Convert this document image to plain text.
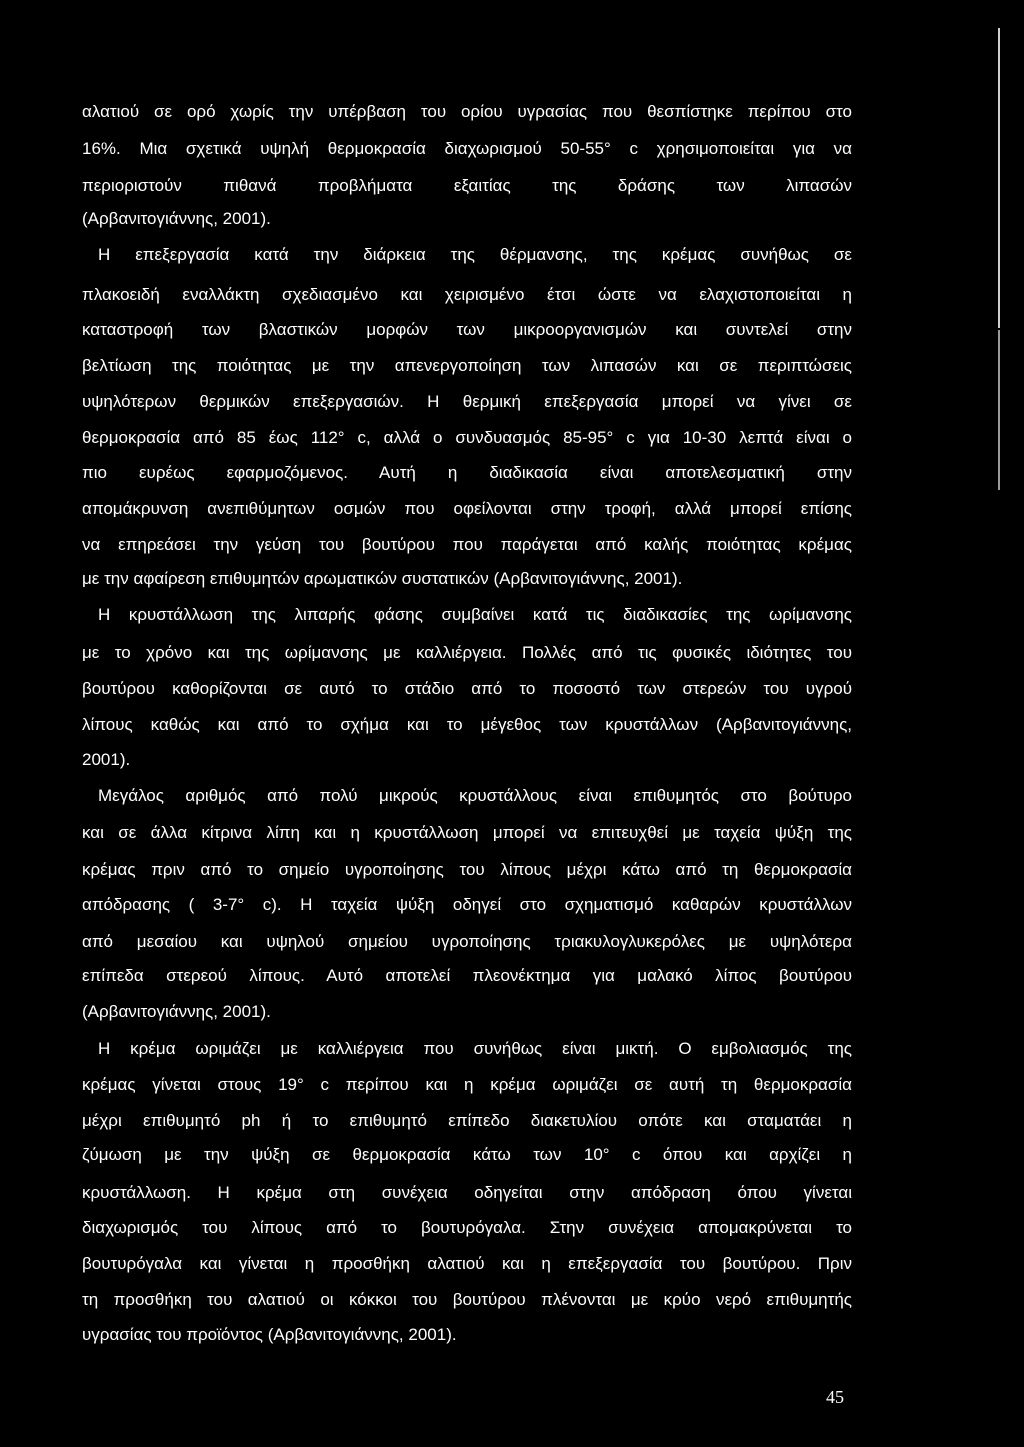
αλατιού σε ορό χωρίς την υπέρβαση του ορίου υγρασίας που θεσπίστηκε περίπου στο
16%. Μια σχετικά υψηλή θερμοκρασία διαχωρισμού 50-55° c χρησιμοποιείται για να
περιοριστούν πιθανά προβλήματα εξαιτίας της δράσης των λιπασών
(Αρβανιτογιάννης, 2001).
Η επεξεργασία κατά την διάρκεια της θέρμανσης, της κρέμας συνήθως σε
πλακοειδή εναλλάκτη σχεδιασμένο και χειρισμένο έτσι ώστε να ελαχιστοποιείται η
καταστροφή των βλαστικών μορφών των μικροοργανισμών και συντελεί στην
βελτίωση της ποιότητας με την απενεργοποίηση των λιπασών και σε περιπτώσεις
υψηλότερων θερμικών επεξεργασιών. Η θερμική επεξεργασία μπορεί να γίνει σε
θερμοκρασία από 85 έως 112° c, αλλά ο συνδυασμός 85-95° c για 10-30 λεπτά είναι ο
πιο ευρέως εφαρμοζόμενος. Αυτή η διαδικασία είναι αποτελεσματική στην
απομάκρυνση ανεπιθύμητων οσμών που οφείλονται στην τροφή, αλλά μπορεί επίσης
να επηρεάσει την γεύση του βουτύρου που παράγεται από καλής ποιότητας κρέμας
με την αφαίρεση επιθυμητών αρωματικών συστατικών (Αρβανιτογιάννης, 2001).
Η κρυστάλλωση της λιπαρής φάσης συμβαίνει κατά τις διαδικασίες της ωρίμανσης
με το χρόνο και της ωρίμανσης με καλλιέργεια. Πολλές από τις φυσικές ιδιότητες του
βουτύρου καθορίζονται σε αυτό το στάδιο από το ποσοστό των στερεών του υγρού
λίπους καθώς και από το σχήμα και το μέγεθος των κρυστάλλων (Αρβανιτογιάννης,
2001).
Μεγάλος αριθμός από πολύ μικρούς κρυστάλλους είναι επιθυμητός στο βούτυρο
και σε άλλα κίτρινα λίπη και η κρυστάλλωση μπορεί να επιτευχθεί με ταχεία ψύξη της
κρέμας πριν από το σημείο υγροποίησης του λίπους μέχρι κάτω από τη θερμοκρασία
απόδρασης ( 3-7° c). Η ταχεία ψύξη οδηγεί στο σχηματισμό καθαρών κρυστάλλων
από μεσαίου και υψηλού σημείου υγροποίησης τριακυλογλυκερόλες με υψηλότερα
επίπεδα στερεού λίπους. Αυτό αποτελεί πλεονέκτημα για μαλακό λίπος βουτύρου
(Αρβανιτογιάννης, 2001).
Η κρέμα ωριμάζει με καλλιέργεια που συνήθως είναι μικτή. Ο εμβολιασμός της
κρέμας γίνεται στους 19° c περίπου και η κρέμα ωριμάζει σε αυτή τη θερμοκρασία
μέχρι επιθυμητό ph ή το επιθυμητό επίπεδο διακετυλίου οπότε και σταματάει η
ζύμωση με την ψύξη σε θερμοκρασία κάτω των 10° c όπου και αρχίζει η
κρυστάλλωση. Η κρέμα στη συνέχεια οδηγείται στην απόδραση όπου γίνεται
διαχωρισμός του λίπους από το βουτυρόγαλα. Στην συνέχεια απομακρύνεται το
βουτυρόγαλα και γίνεται η προσθήκη αλατιού και η επεξεργασία του βουτύρου. Πριν
τη προσθήκη του αλατιού οι κόκκοι του βουτύρου πλένονται με κρύο νερό επιθυμητής
υγρασίας του προϊόντος (Αρβανιτογιάννης, 2001).
45
